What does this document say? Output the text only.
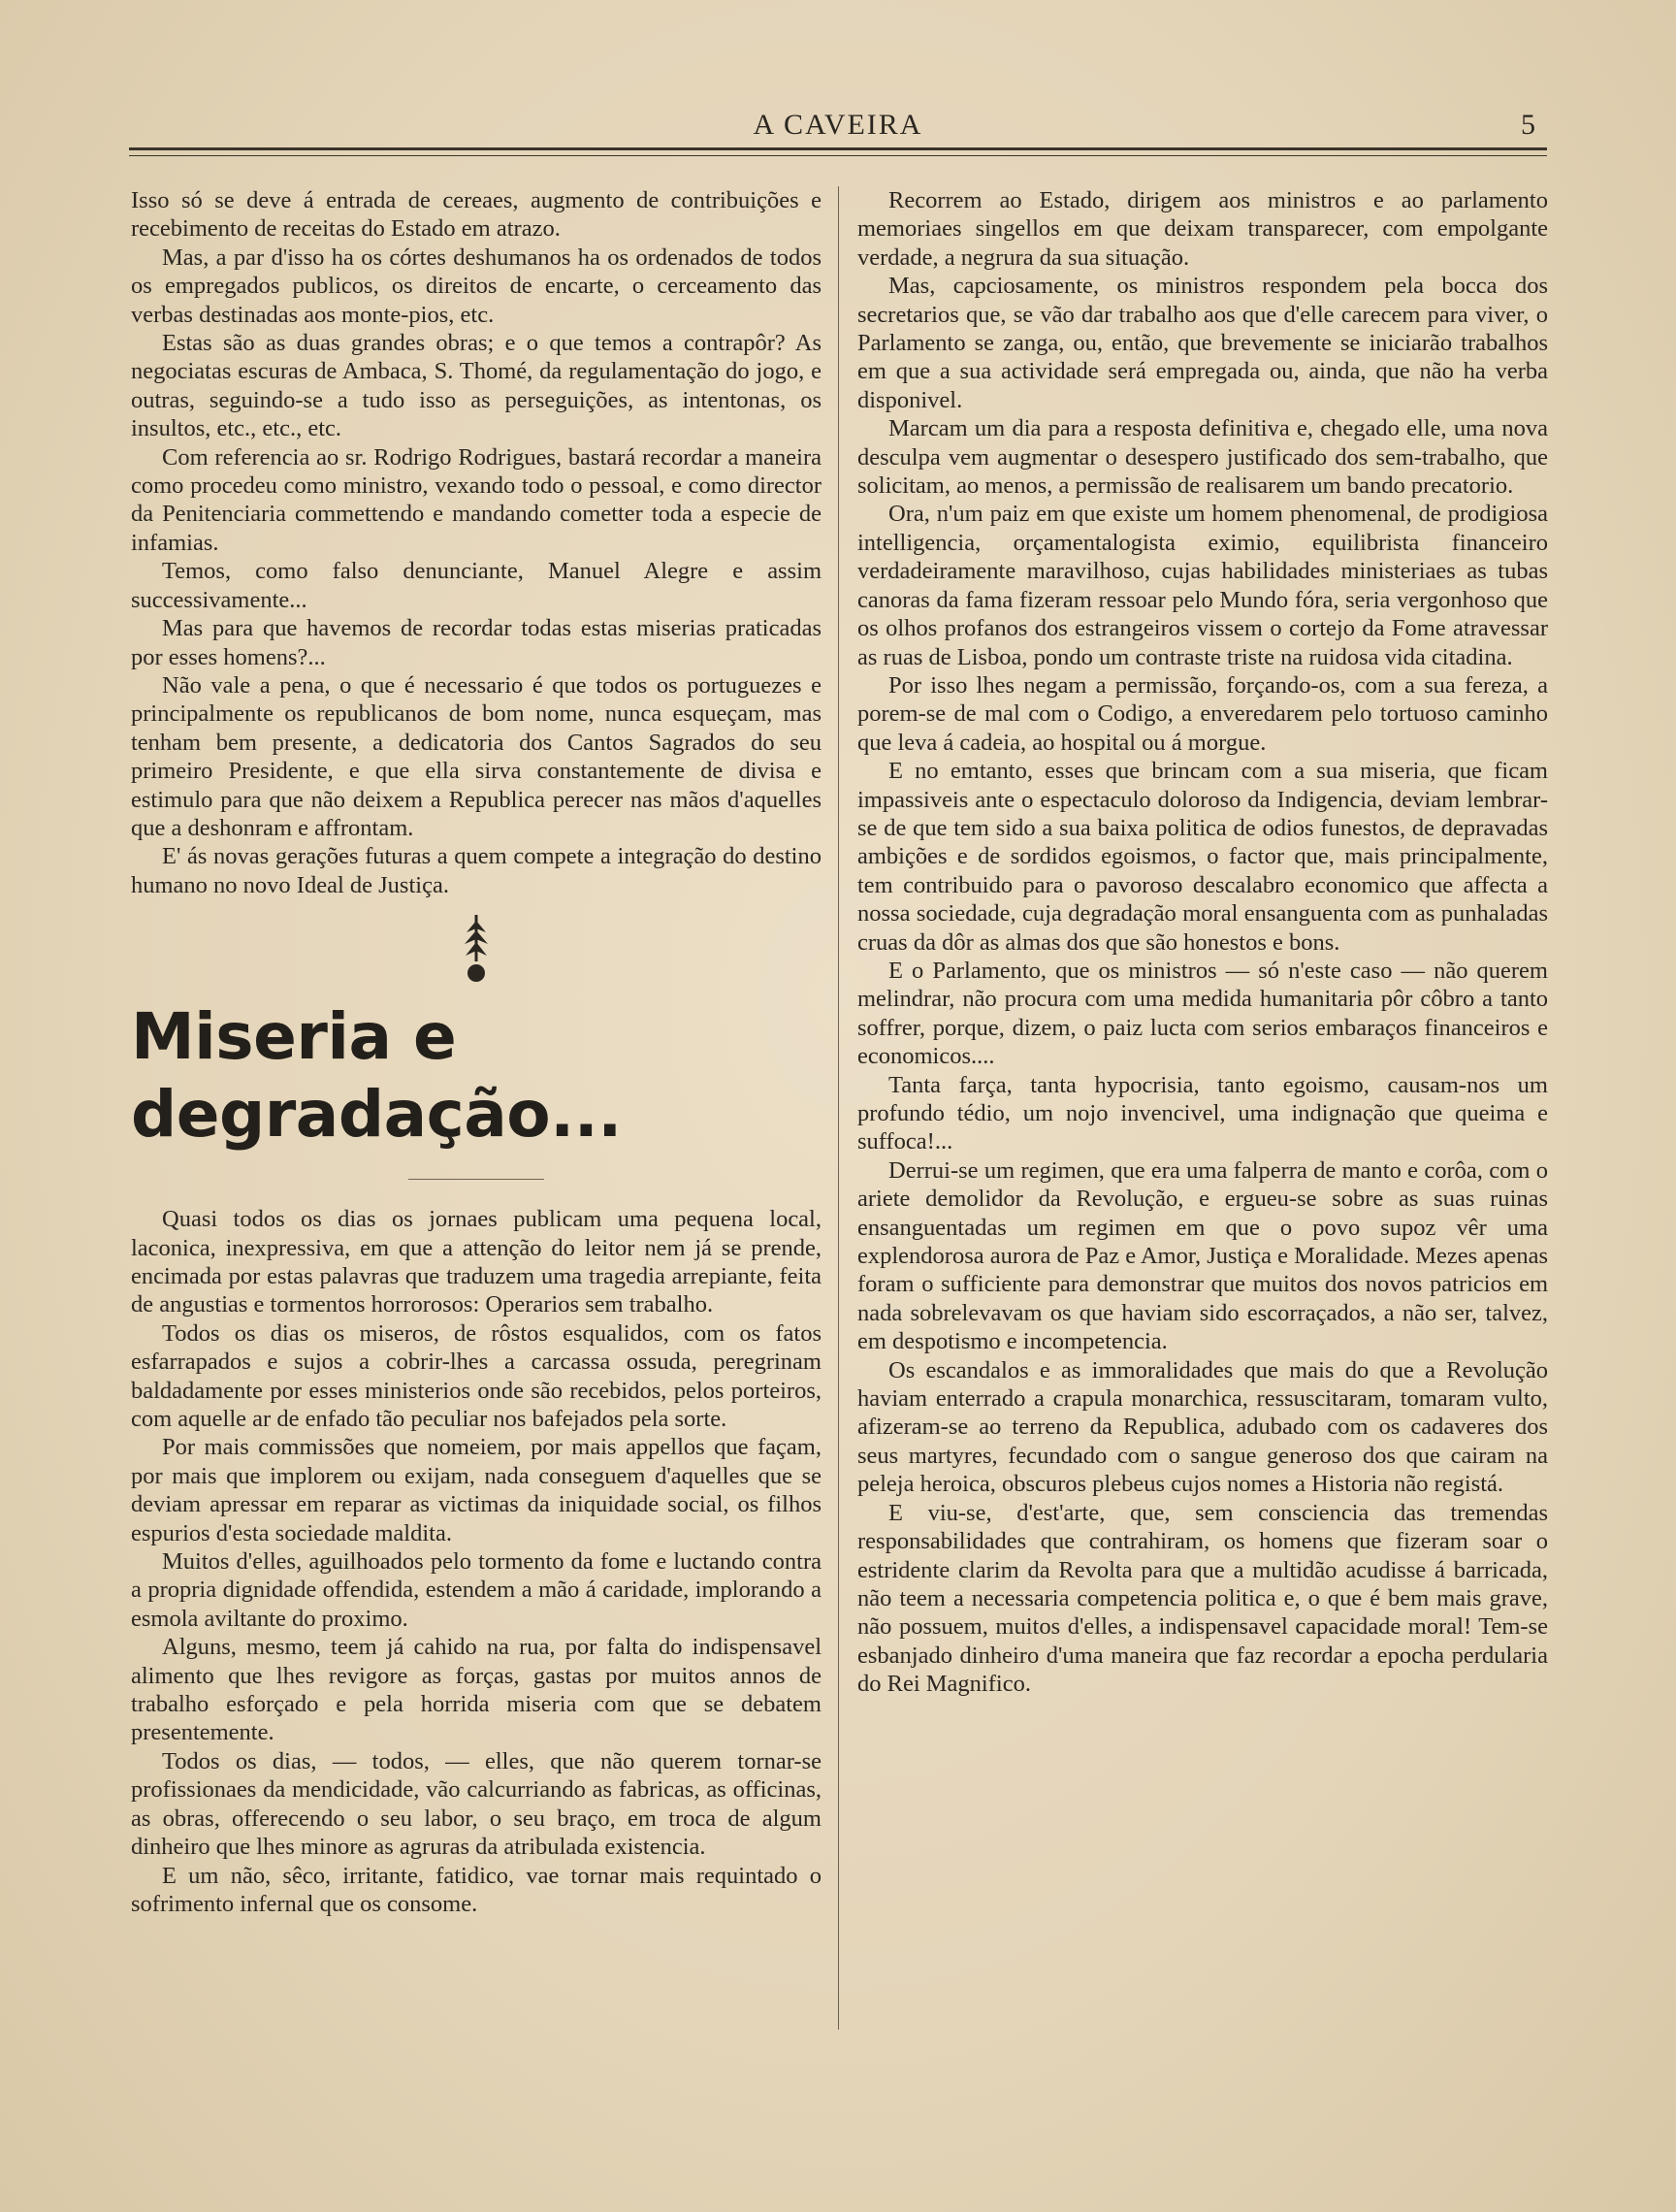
A CAVEIRA	5

Isso só se deve á entrada de cereaes, augmento de contribuições e recebimento de receitas do Estado em atrazo.

Mas, a par d'isso ha os córtes deshumanos ha os ordenados de todos os empregados publicos, os direitos de encarte, o cerceamento das verbas destinadas aos monte-pios, etc.

Estas são as duas grandes obras; e o que temos a contrapôr? As negociatas escuras de Ambaca, S. Thomé, da regulamentação do jogo, e outras, seguindo-se a tudo isso as perseguições, as intentonas, os insultos, etc., etc., etc.

Com referencia ao sr. Rodrigo Rodrigues, bastará recordar a maneira como procedeu como ministro, vexando todo o pessoal, e como director da Penitenciaria commettendo e mandando cometter toda a especie de infamias.

Temos, como falso denunciante, Manuel Alegre e assim successivamente...

Mas para que havemos de recordar todas estas miserias praticadas por esses homens?...

Não vale a pena, o que é necessario é que todos os portuguezes e principalmente os republicanos de bom nome, nunca esqueçam, mas tenham bem presente, a dedicatoria dos Cantos Sagrados do seu primeiro Presidente, e que ella sirva constantemente de divisa e estimulo para que não deixem a Republica perecer nas mãos d'aquelles que a deshonram e affrontam.

E' ás novas gerações futuras a quem compete a integração do destino humano no novo Ideal de Justiça.

Miseria e degradação...

Quasi todos os dias os jornaes publicam uma pequena local, laconica, inexpressiva, em que a attenção do leitor nem já se prende, encimada por estas palavras que traduzem uma tragedia arrepiante, feita de angustias e tormentos horrorosos: Operarios sem trabalho.

Todos os dias os miseros, de rôstos esqualidos, com os fatos esfarrapados e sujos a cobrir-lhes a carcassa ossuda, peregrinam baldadamente por esses ministerios onde são recebidos, pelos porteiros, com aquelle ar de enfado tão peculiar nos bafejados pela sorte.

Por mais commissões que nomeiem, por mais appellos que façam, por mais que implorem ou exijam, nada conseguem d'aquelles que se deviam apressar em reparar as victimas da iniquidade social, os filhos espurios d'esta sociedade maldita.

Muitos d'elles, aguilhoados pelo tormento da fome e luctando contra a propria dignidade offendida, estendem a mão á caridade, implorando a esmola aviltante do proximo.

Alguns, mesmo, teem já cahido na rua, por falta do indispensavel alimento que lhes revigore as forças, gastas por muitos annos de trabalho esforçado e pela horrida miseria com que se debatem presentemente.

Todos os dias, — todos, — elles, que não querem tornar-se profissionaes da mendicidade, vão calcurriando as fabricas, as officinas, as obras, offerecendo o seu labor, o seu braço, em troca de algum dinheiro que lhes minore as agruras da atribulada existencia.

E um não, sêco, irritante, fatidico, vae tornar mais requintado o sofrimento infernal que os consome.

Recorrem ao Estado, dirigem aos ministros e ao parlamento memoriaes singellos em que deixam transparecer, com empolgante verdade, a negrura da sua situação.

Mas, capciosamente, os ministros respondem pela bocca dos secretarios que, se vão dar trabalho aos que d'elle carecem para viver, o Parlamento se zanga, ou, então, que brevemente se iniciarão trabalhos em que a sua actividade será empregada ou, ainda, que não ha verba disponivel.

Marcam um dia para a resposta definitiva e, chegado elle, uma nova desculpa vem augmentar o desespero justificado dos sem-trabalho, que solicitam, ao menos, a permissão de realisarem um bando precatorio.

Ora, n'um paiz em que existe um homem phenomenal, de prodigiosa intelligencia, orçamentalogista eximio, equilibrista financeiro verdadeiramente maravilhoso, cujas habilidades ministeriaes as tubas canoras da fama fizeram ressoar pelo Mundo fóra, seria vergonhoso que os olhos profanos dos estrangeiros vissem o cortejo da Fome atravessar as ruas de Lisboa, pondo um contraste triste na ruidosa vida citadina.

Por isso lhes negam a permissão, forçando-os, com a sua fereza, a porem-se de mal com o Codigo, a enveredarem pelo tortuoso caminho que leva á cadeia, ao hospital ou á morgue.

E no emtanto, esses que brincam com a sua miseria, que ficam impassiveis ante o espectaculo doloroso da Indigencia, deviam lembrar-se de que tem sido a sua baixa politica de odios funestos, de depravadas ambições e de sordidos egoismos, o factor que, mais principalmente, tem contribuido para o pavoroso descalabro economico que affecta a nossa sociedade, cuja degradação moral ensanguenta com as punhaladas cruas da dôr as almas dos que são honestos e bons.

E o Parlamento, que os ministros — só n'este caso — não querem melindrar, não procura com uma medida humanitaria pôr côbro a tanto soffrer, porque, dizem, o paiz lucta com serios embaraços financeiros e economicos....

Tanta farça, tanta hypocrisia, tanto egoismo, causam-nos um profundo tédio, um nojo invencivel, uma indignação que queima e suffoca!...

Derrui-se um regimen, que era uma falperra de manto e corôa, com o ariete demolidor da Revolução, e ergueu-se sobre as suas ruinas ensanguentadas um regimen em que o povo supoz vêr uma explendorosa aurora de Paz e Amor, Justiça e Moralidade. Mezes apenas foram o sufficiente para demonstrar que muitos dos novos patricios em nada sobrelevavam os que haviam sido escorraçados, a não ser, talvez, em despotismo e incompetencia.

Os escandalos e as immoralidades que mais do que a Revolução haviam enterrado a crapula monarchica, ressuscitaram, tomaram vulto, afizeram-se ao terreno da Republica, adubado com os cadaveres dos seus martyres, fecundado com o sangue generoso dos que cairam na peleja heroica, obscuros plebeus cujos nomes a Historia não registá.

E viu-se, d'est'arte, que, sem consciencia das tremendas responsabilidades que contrahiram, os homens que fizeram soar o estridente clarim da Revolta para que a multidão acudisse á barricada, não teem a necessaria competencia politica e, o que é bem mais grave, não possuem, muitos d'elles, a indispensavel capacidade moral! Tem-se esbanjado dinheiro d'uma maneira que faz recordar a epocha perdularia do Rei Magnifico.
